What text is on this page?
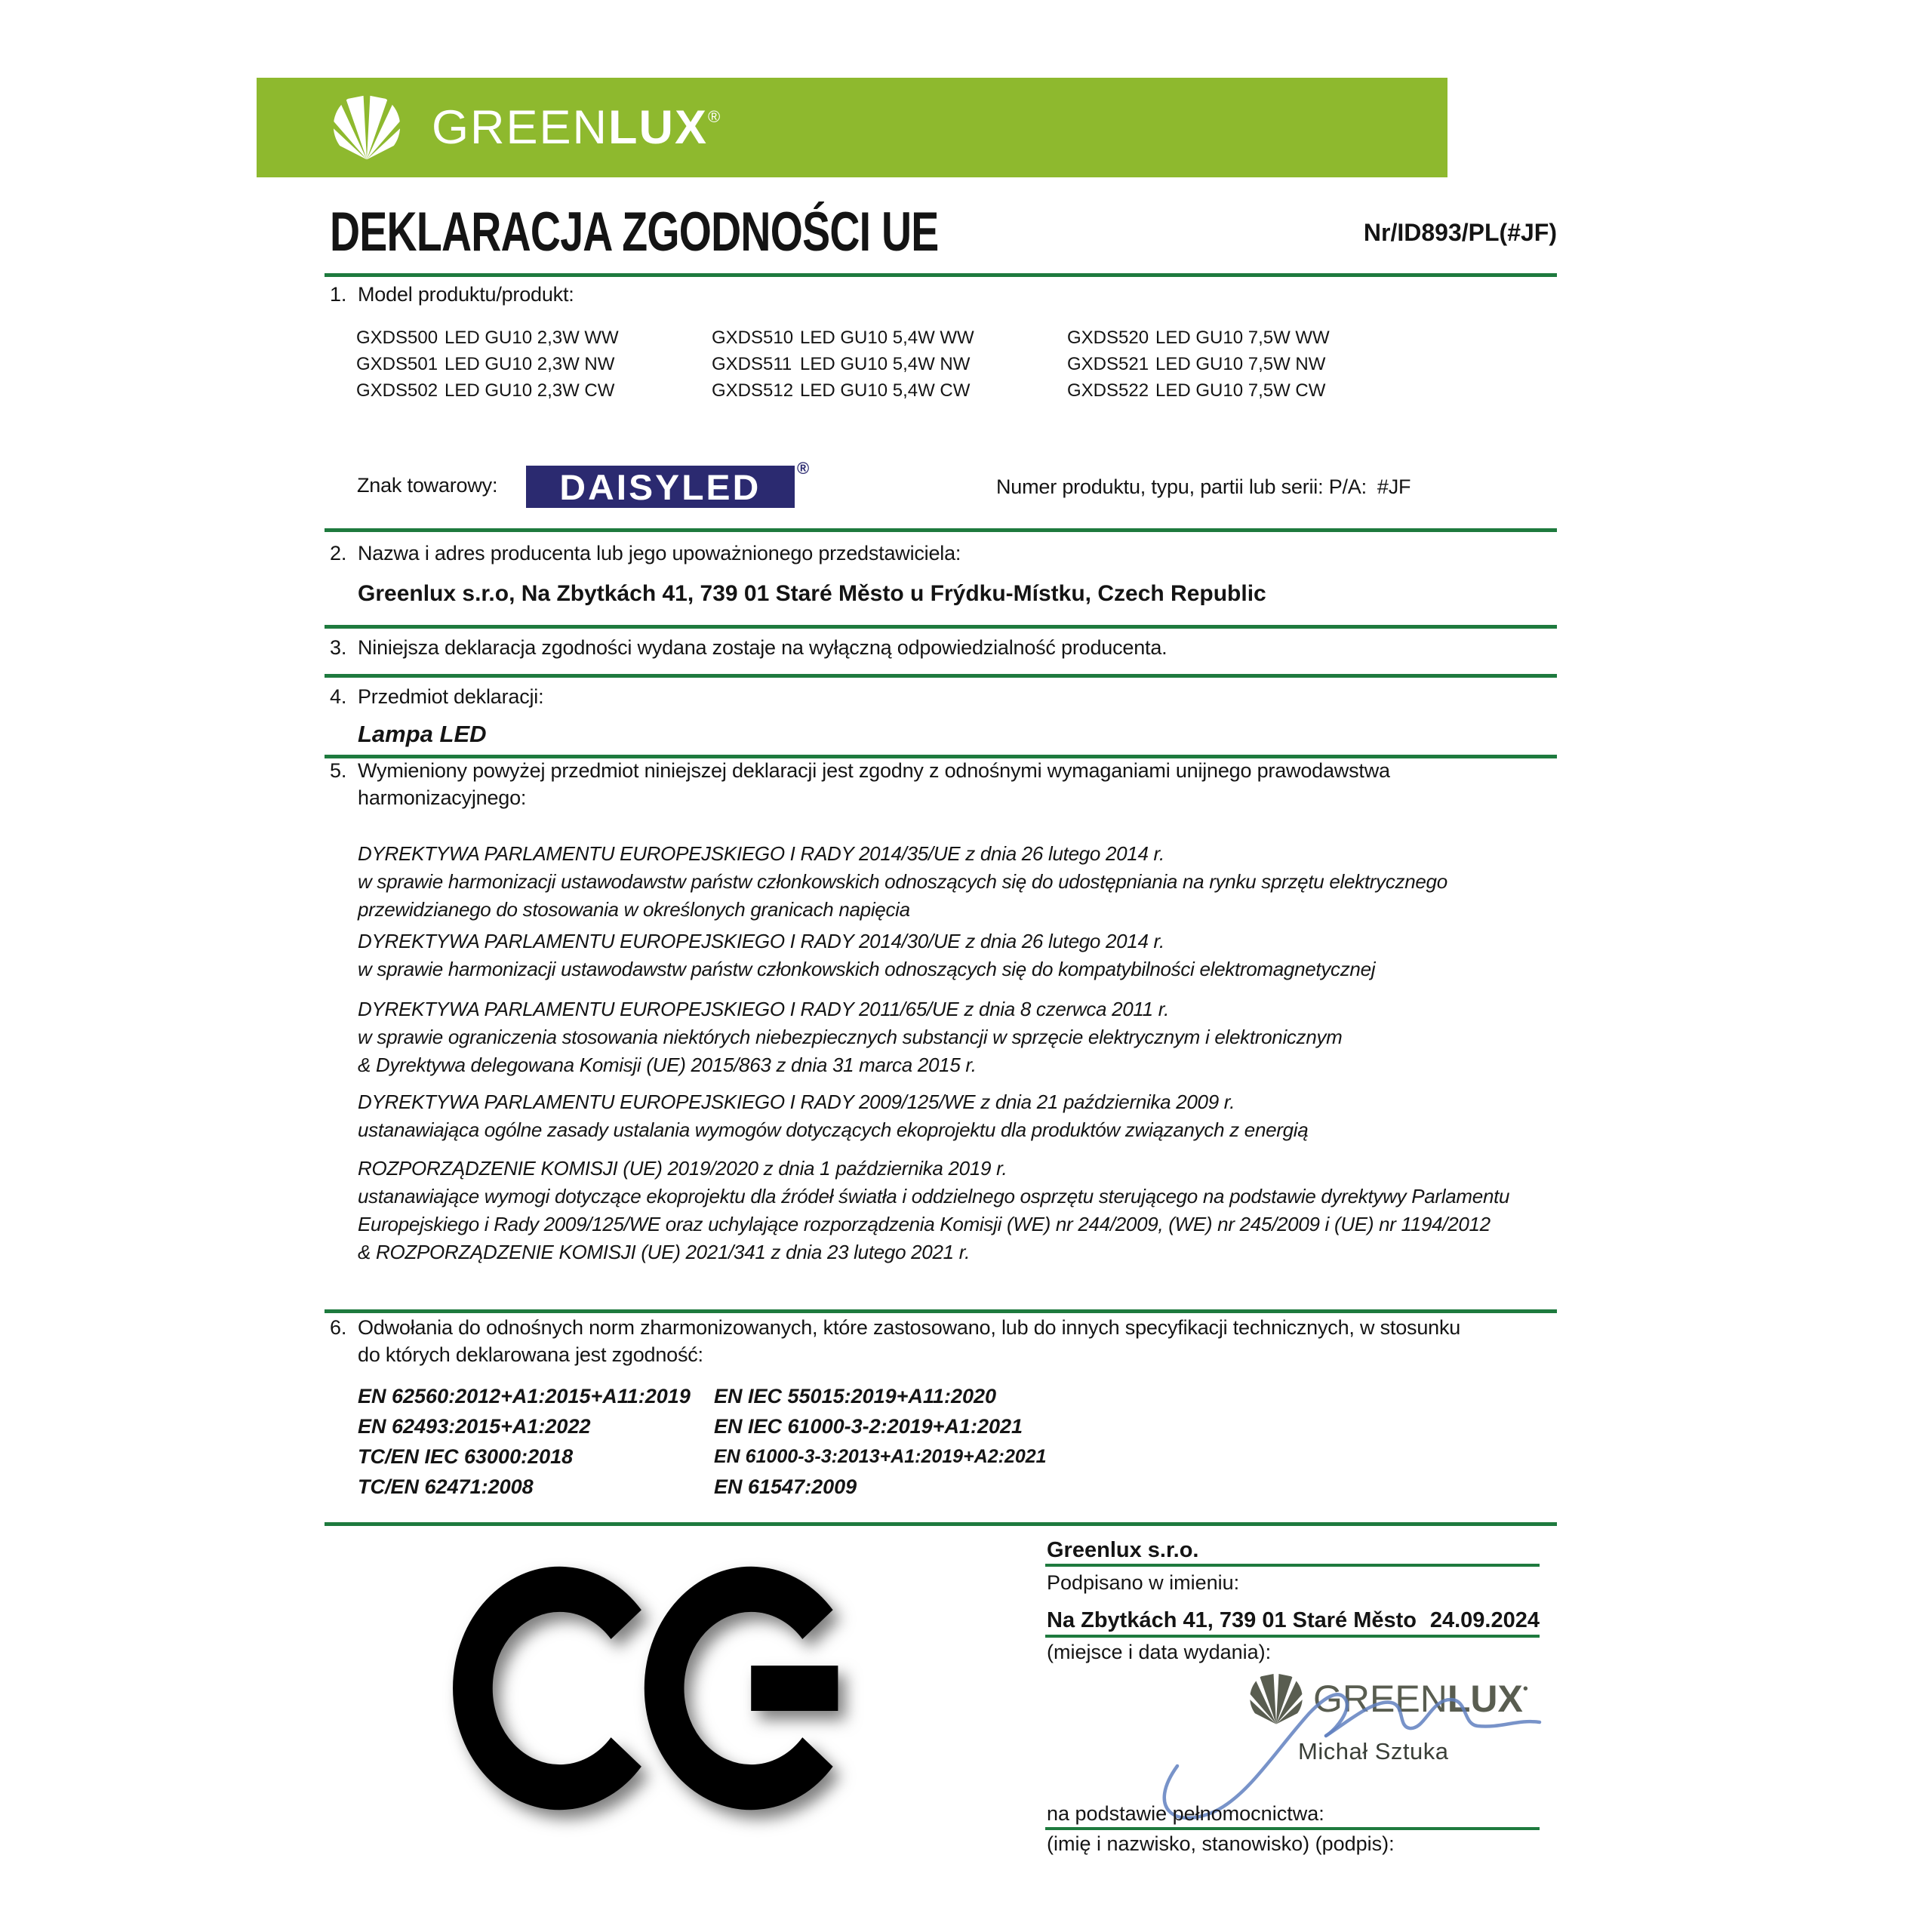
GREENLUX®
DEKLARACJA ZGODNOŚCI UE	Nr/ID893/PL(#JF)
1. Model produktu/produkt:
GXDS500 LED GU10 2,3W WW
GXDS501 LED GU10 2,3W NW
GXDS502 LED GU10 2,3W CW
GXDS510 LED GU10 5,4W WW
GXDS511 LED GU10 5,4W NW
GXDS512 LED GU10 5,4W CW
GXDS520 LED GU10 7,5W WW
GXDS521 LED GU10 7,5W NW
GXDS522 LED GU10 7,5W CW
Znak towarowy: DAISYLED ®
Numer produktu, typu, partii lub serii: P/A: #JF
2. Nazwa i adres producenta lub jego upoważnionego przedstawiciela:
Greenlux s.r.o, Na Zbytkách 41, 739 01 Staré Město u Frýdku-Místku, Czech Republic
3. Niniejsza deklaracja zgodności wydana zostaje na wyłączną odpowiedzialność producenta.
4. Przedmiot deklaracji:
Lampa LED
5. Wymieniony powyżej przedmiot niniejszej deklaracji jest zgodny z odnośnymi wymaganiami unijnego prawodawstwa
harmonizacyjnego:
DYREKTYWA PARLAMENTU EUROPEJSKIEGO I RADY 2014/35/UE z dnia 26 lutego 2014 r.
w sprawie harmonizacji ustawodawstw państw członkowskich odnoszących się do udostępniania na rynku sprzętu elektrycznego
przewidzianego do stosowania w określonych granicach napięcia
DYREKTYWA PARLAMENTU EUROPEJSKIEGO I RADY 2014/30/UE z dnia 26 lutego 2014 r.
w sprawie harmonizacji ustawodawstw państw członkowskich odnoszących się do kompatybilności elektromagnetycznej
DYREKTYWA PARLAMENTU EUROPEJSKIEGO I RADY 2011/65/UE z dnia 8 czerwca 2011 r.
w sprawie ograniczenia stosowania niektórych niebezpiecznych substancji w sprzęcie elektrycznym i elektronicznym
& Dyrektywa delegowana Komisji (UE) 2015/863 z dnia 31 marca 2015 r.
DYREKTYWA PARLAMENTU EUROPEJSKIEGO I RADY 2009/125/WE z dnia 21 października 2009 r.
ustanawiająca ogólne zasady ustalania wymogów dotyczących ekoprojektu dla produktów związanych z energią
ROZPORZĄDZENIE KOMISJI (UE) 2019/2020 z dnia 1 października 2019 r.
ustanawiające wymogi dotyczące ekoprojektu dla źródeł światła i oddzielnego osprzętu sterującego na podstawie dyrektywy Parlamentu
Europejskiego i Rady 2009/125/WE oraz uchylające rozporządzenia Komisji (WE) nr 244/2009, (WE) nr 245/2009 i (UE) nr 1194/2012
& ROZPORZĄDZENIE KOMISJI (UE) 2021/341 z dnia 23 lutego 2021 r.
6. Odwołania do odnośnych norm zharmonizowanych, które zastosowano, lub do innych specyfikacji technicznych, w stosunku
do których deklarowana jest zgodność:
EN 62560:2012+A1:2015+A11:2019
EN 62493:2015+A1:2022
TC/EN IEC 63000:2018
TC/EN 62471:2008
EN IEC 55015:2019+A11:2020
EN IEC 61000-3-2:2019+A1:2021
EN 61000-3-3:2013+A1:2019+A2:2021
EN 61547:2009
Greenlux s.r.o.
Podpisano w imieniu:
Na Zbytkách 41, 739 01 Staré Město 24.09.2024
(miejsce i data wydania):
GREENLUX•
Michał Sztuka
na podstawie pełnomocnictwa:
(imię i nazwisko, stanowisko) (podpis):
